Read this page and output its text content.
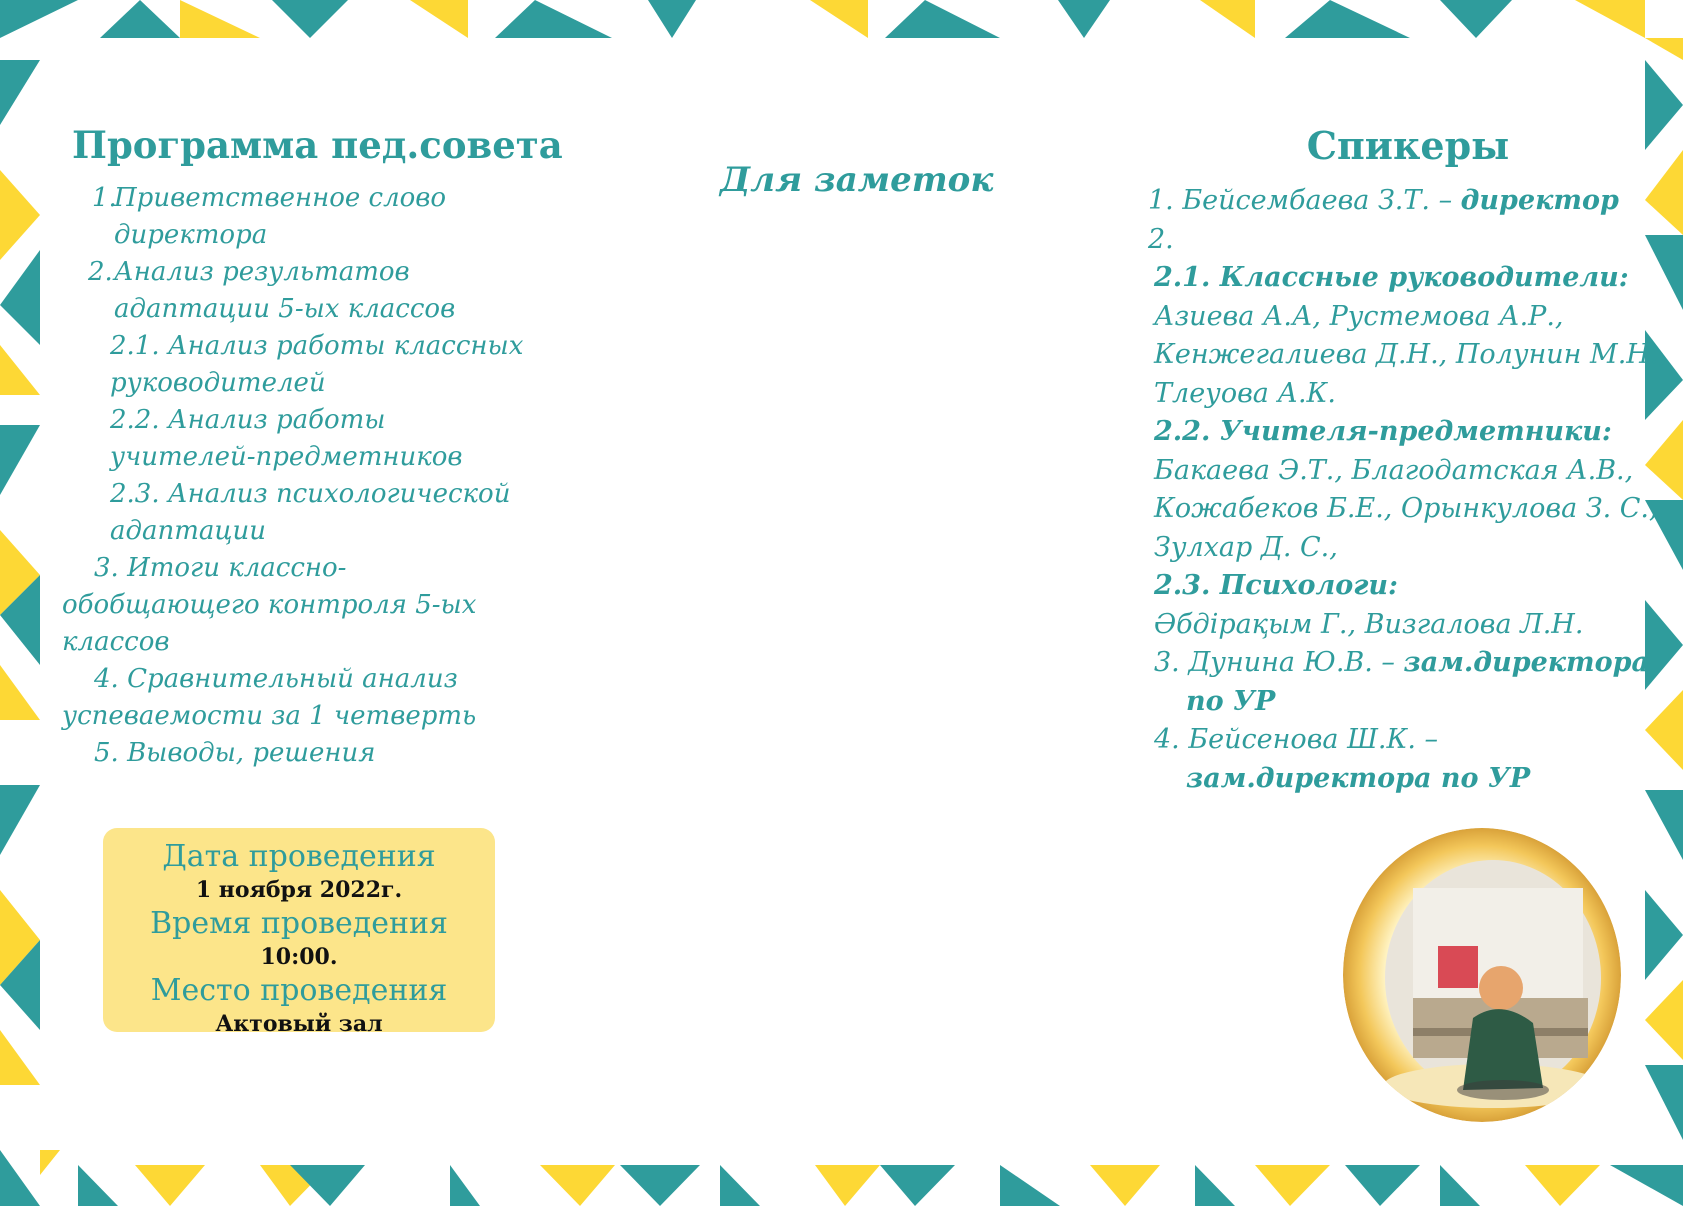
Программа пед.совета
1.
Приветственное слово
директора
2. Анализ результатов
адаптации 5-ых классов
2.1. Анализ работы классных
руководителей
2.2. Анализ работы
учителей-предметников
2.3. Анализ психологической
адаптации
3. Итоги классно-
обобщающего контроля 5-ых
классов
4. Сравнительный анализ
успеваемости за 1 четверть
5. Выводы, решения
Дата проведения
1 ноября 2022г.
Время проведения
10:00.
Место проведения
Актовый зал
Для заметок
Спикеры
1. Бейсембаева З.Т. – директор
2.
2.1. Классные руководители:
Азиева А.А, Рустемова А.Р.,
Кенжегалиева Д.Н., Полунин М.Н.,
Тлеуова А.К.
2.2. Учителя-предметники:
Бакаева Э.Т., Благодатская А.В.,
Кожабеков Б.Е., Орынкулова З. С.,
Зулхар Д. С.,
2.3. Психологи:
Әбдірақым Г., Визгалова Л.Н.
3. Дунина Ю.В. – зам.директора
по УР
4. Бейсенова Ш.К. –
зам.директора по УР
